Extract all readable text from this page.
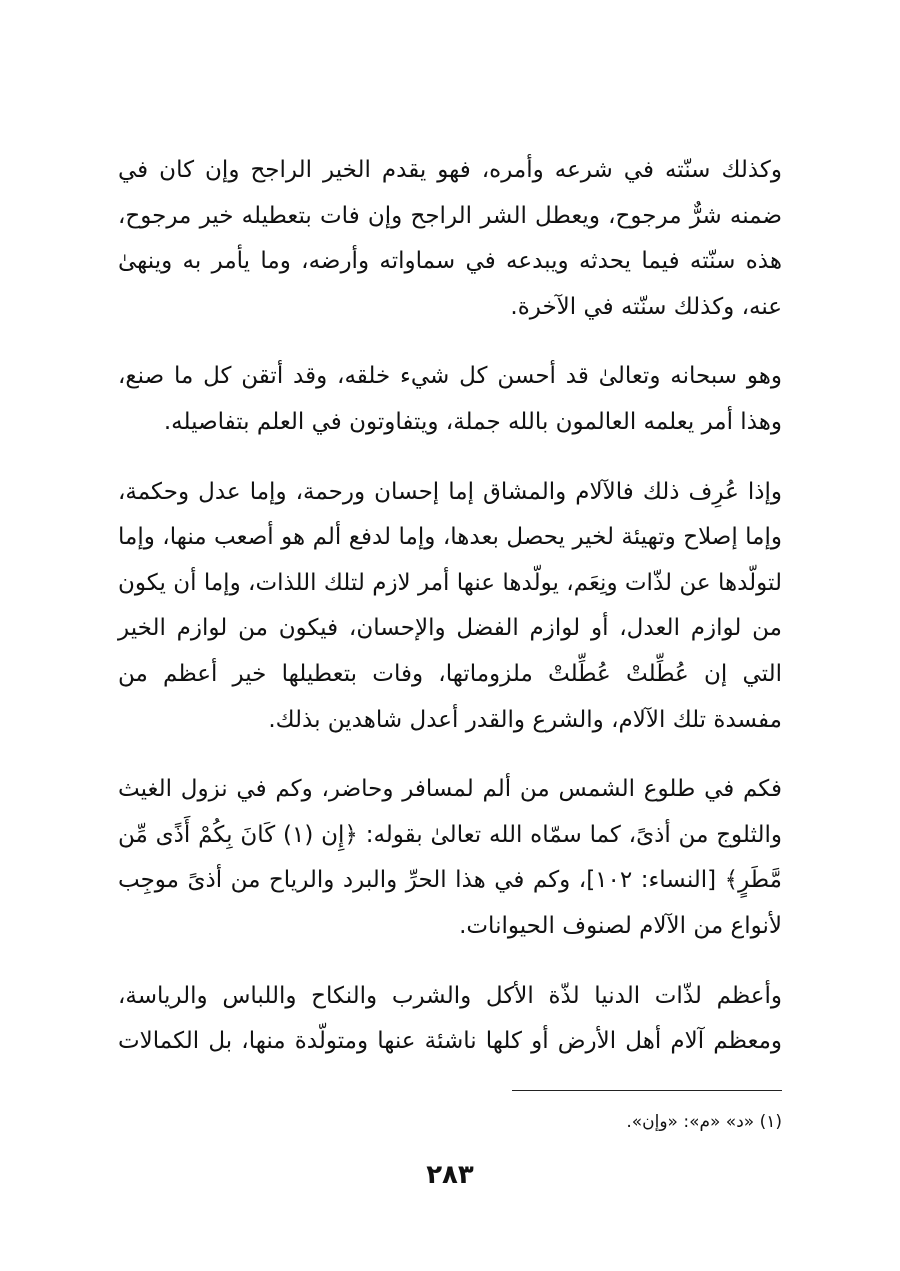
وكذلك سنّته في شرعه وأمره، فهو يقدم الخير الراجح وإن كان في ضمنه شرٌّ مرجوح، ويعطل الشر الراجح وإن فات بتعطيله خير مرجوح، هذه سنّته فيما يحدثه ويبدعه في سماواته وأرضه، وما يأمر به وينهىٰ عنه، وكذلك سنّته في الآخرة.

وهو سبحانه وتعالىٰ قد أحسن كل شيء خلقه، وقد أتقن كل ما صنع، وهذا أمر يعلمه العالمون بالله جملة، ويتفاوتون في العلم بتفاصيله.

وإذا عُرِف ذلك فالآلام والمشاق إما إحسان ورحمة، وإما عدل وحكمة، وإما إصلاح وتهيئة لخير يحصل بعدها، وإما لدفع ألم هو أصعب منها، وإما لتولّدها عن لذّات ونِعَم، يولّدها عنها أمر لازم لتلك اللذات، وإما أن يكون من لوازم العدل، أو لوازم الفضل والإحسان، فيكون من لوازم الخير التي إن عُطِّلتْ عُطِّلتْ ملزوماتها، وفات بتعطيلها خير أعظم من مفسدة تلك الآلام، والشرع والقدر أعدل شاهدين بذلك.

فكم في طلوع الشمس من ألم لمسافر وحاضر، وكم في نزول الغيث والثلوج من أذىً، كما سمّاه الله تعالىٰ بقوله: ﴿إِن (١) كَانَ بِكُمْ أَذًى مِّن مَّطَرٍ﴾ [النساء: ١٠٢]، وكم في هذا الحرِّ والبرد والرياح من أذىً موجِب لأنواع من الآلام لصنوف الحيوانات.

وأعظم لذّات الدنيا لذّة الأكل والشرب والنكاح واللباس والرياسة، ومعظم آلام أهل الأرض أو كلها ناشئة عنها ومتولّدة منها، بل الكمالات

(١) «د» «م»: «وإن».
٢٨٣
